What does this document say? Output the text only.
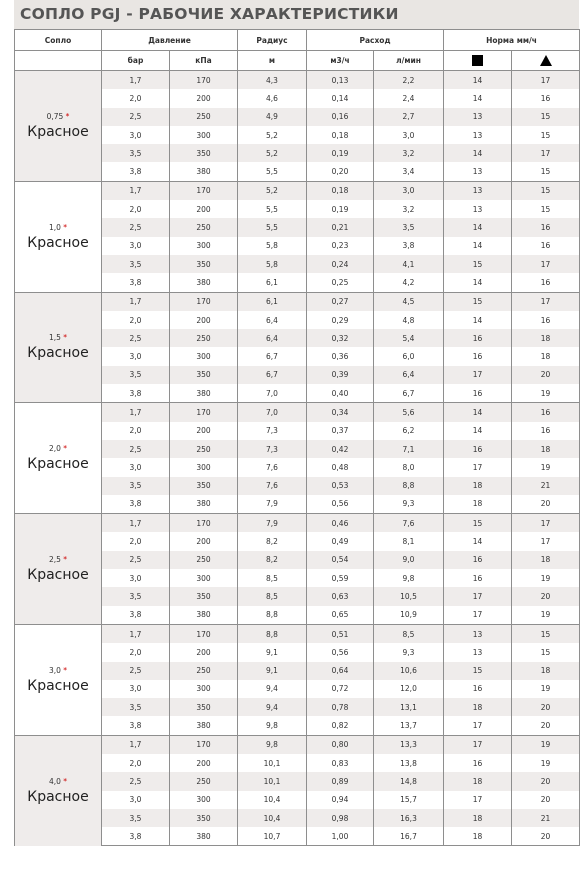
СОПЛО PGJ - РАБОЧИЕ ХАРАКТЕРИСТИКИ
Сопло	Давление		Радиус	Расход		Норма мм/ч	
	бар	кПа	м	м3/ч	л/мин		

0,75 *
Красное	1,7	170	4,3	0,13	2,2	14	17
	2,0	200	4,6	0,14	2,4	14	16
	2,5	250	4,9	0,16	2,7	13	15
	3,0	300	5,2	0,18	3,0	13	15
	3,5	350	5,2	0,19	3,2	14	17
	3,8	380	5,5	0,20	3,4	13	15

1,0 *
Красное	1,7	170	5,2	0,18	3,0	13	15
	2,0	200	5,5	0,19	3,2	13	15
	2,5	250	5,5	0,21	3,5	14	16
	3,0	300	5,8	0,23	3,8	14	16
	3,5	350	5,8	0,24	4,1	15	17
	3,8	380	6,1	0,25	4,2	14	16

1,5 *
Красное	1,7	170	6,1	0,27	4,5	15	17
	2,0	200	6,4	0,29	4,8	14	16
	2,5	250	6,4	0,32	5,4	16	18
	3,0	300	6,7	0,36	6,0	16	18
	3,5	350	6,7	0,39	6,4	17	20
	3,8	380	7,0	0,40	6,7	16	19

2,0 *
Красное	1,7	170	7,0	0,34	5,6	14	16
	2,0	200	7,3	0,37	6,2	14	16
	2,5	250	7,3	0,42	7,1	16	18
	3,0	300	7,6	0,48	8,0	17	19
	3,5	350	7,6	0,53	8,8	18	21
	3,8	380	7,9	0,56	9,3	18	20

2,5 *
Красное	1,7	170	7,9	0,46	7,6	15	17
	2,0	200	8,2	0,49	8,1	14	17
	2,5	250	8,2	0,54	9,0	16	18
	3,0	300	8,5	0,59	9,8	16	19
	3,5	350	8,5	0,63	10,5	17	20
	3,8	380	8,8	0,65	10,9	17	19

3,0 *
Красное	1,7	170	8,8	0,51	8,5	13	15
	2,0	200	9,1	0,56	9,3	13	15
	2,5	250	9,1	0,64	10,6	15	18
	3,0	300	9,4	0,72	12,0	16	19
	3,5	350	9,4	0,78	13,1	18	20
	3,8	380	9,8	0,82	13,7	17	20

4,0 *
Красное	1,7	170	9,8	0,80	13,3	17	19
	2,0	200	10,1	0,83	13,8	16	19
	2,5	250	10,1	0,89	14,8	18	20
	3,0	300	10,4	0,94	15,7	17	20
	3,5	350	10,4	0,98	16,3	18	21
	3,8	380	10,7	1,00	16,7	18	20
